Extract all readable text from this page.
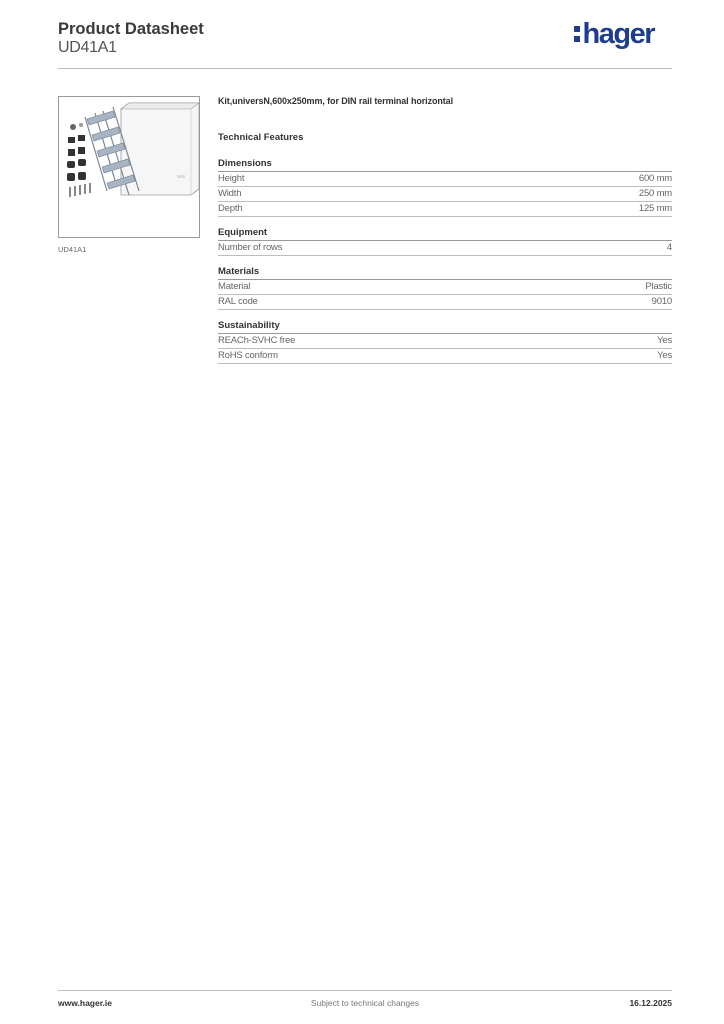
Product Datasheet
UD41A1	hager
UD41A1
Kit,universN,600x250mm, for DIN rail terminal horizontal
Technical Features
Dimensions
Height	600 mm
Width	250 mm
Depth	125 mm
Equipment
Number of rows	4
Materials
Material	Plastic
RAL code	9010
Sustainability
REACh-SVHC free	Yes
RoHS conform	Yes
www.hager.ie	Subject to technical changes	16.12.2025
